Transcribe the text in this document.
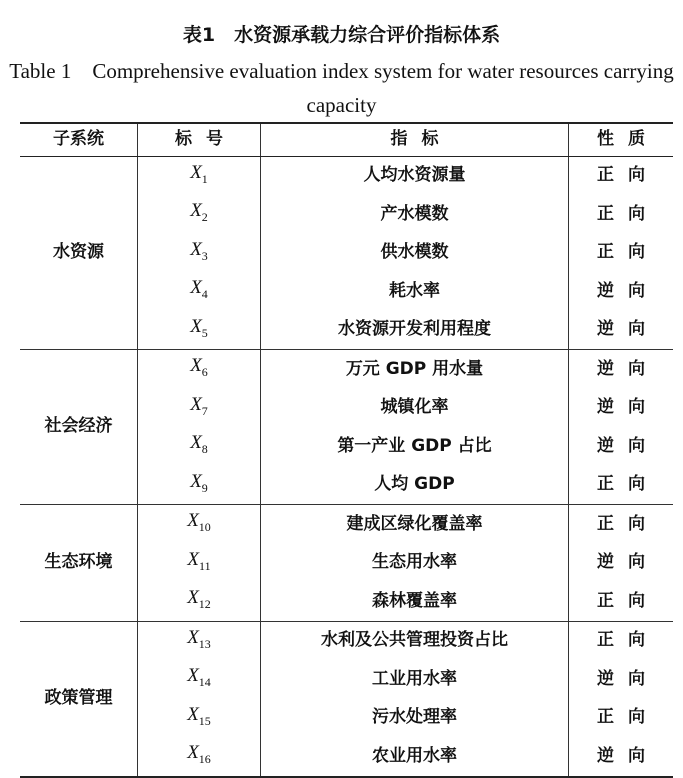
表1　水资源承载力综合评价指标体系
Table 1　Comprehensive evaluation index system for water resources carrying capacity
子系统	标号	指标	性质
水资源	$X_1$	人均水资源量	正向
	$X_2$	产水模数	正向
	$X_3$	供水模数	正向
	$X_4$	耗水率	逆向
	$X_5$	水资源开发利用程度	逆向
社会经济	$X_6$	万元 GDP 用水量	逆向
	$X_7$	城镇化率	逆向
	$X_8$	第一产业 GDP 占比	逆向
	$X_9$	人均 GDP	正向
生态环境	$X_{10}$	建成区绿化覆盖率	正向
	$X_{11}$	生态用水率	逆向
	$X_{12}$	森林覆盖率	正向
政策管理	$X_{13}$	水利及公共管理投资占比	正向
	$X_{14}$	工业用水率	逆向
	$X_{15}$	污水处理率	正向
	$X_{16}$	农业用水率	逆向
